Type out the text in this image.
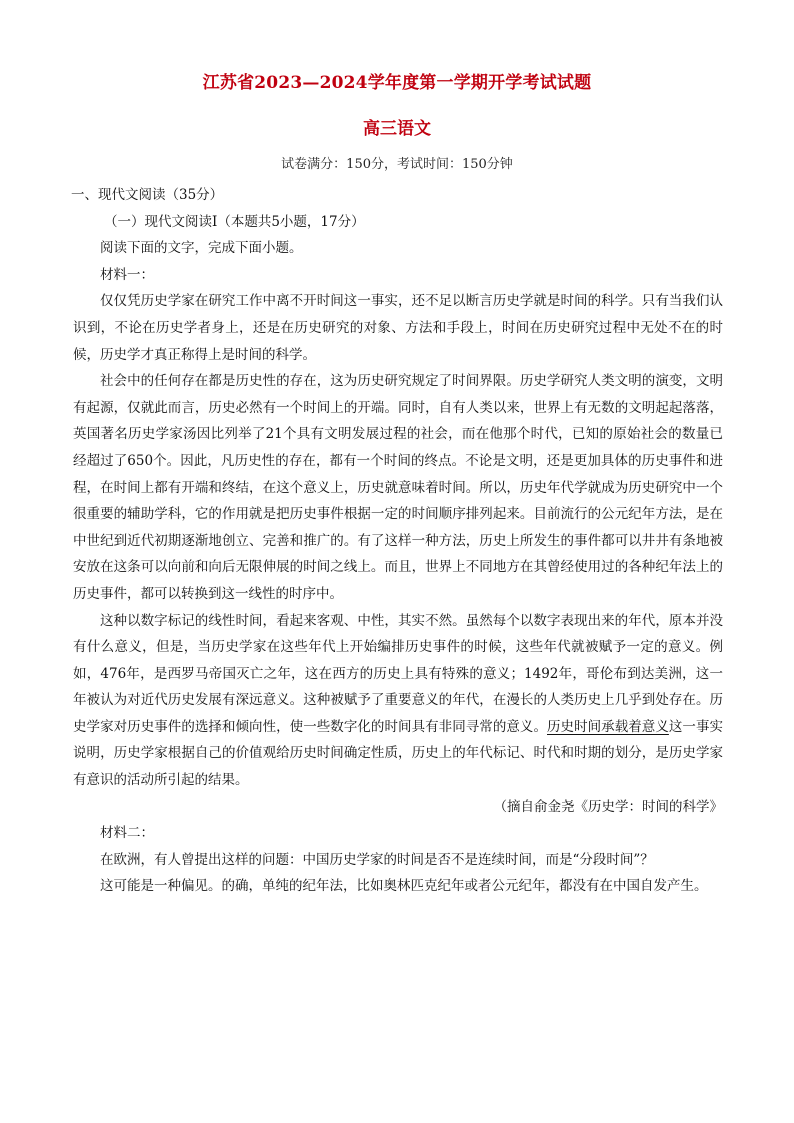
江苏省2023—2024学年度第一学期开学考试试题
高三语文
试卷满分：150分，考试时间：150分钟

一、现代文阅读（35分）

（一）现代文阅读Ⅰ（本题共5小题，17分）

阅读下面的文字，完成下面小题。

材料一：

仅仅凭历史学家在研究工作中离不开时间这一事实，还不足以断言历史学就是时间的科学。只有当我们认识到，不论在历史学者身上，还是在历史研究的对象、方法和手段上，时间在历史研究过程中无处不在的时候，历史学才真正称得上是时间的科学。

社会中的任何存在都是历史性的存在，这为历史研究规定了时间界限。历史学研究人类文明的演变，文明有起源，仅就此而言，历史必然有一个时间上的开端。同时，自有人类以来，世界上有无数的文明起起落落，英国著名历史学家汤因比列举了21个具有文明发展过程的社会，而在他那个时代，已知的原始社会的数量已经超过了650个。因此，凡历史性的存在，都有一个时间的终点。不论是文明，还是更加具体的历史事件和进程，在时间上都有开端和终结，在这个意义上，历史就意味着时间。所以，历史年代学就成为历史研究中一个很重要的辅助学科，它的作用就是把历史事件根据一定的时间顺序排列起来。目前流行的公元纪年方法，是在中世纪到近代初期逐渐地创立、完善和推广的。有了这样一种方法，历史上所发生的事件都可以井井有条地被安放在这条可以向前和向后无限伸展的时间之线上。而且，世界上不同地方在其曾经使用过的各种纪年法上的历史事件，都可以转换到这一线性的时序中。

这种以数字标记的线性时间，看起来客观、中性，其实不然。虽然每个以数字表现出来的年代，原本并没有什么意义，但是，当历史学家在这些年代上开始编排历史事件的时候，这些年代就被赋予一定的意义。例如，476年，是西罗马帝国灭亡之年，这在西方的历史上具有特殊的意义；1492年，哥伦布到达美洲，这一年被认为对近代历史发展有深远意义。这种被赋予了重要意义的年代，在漫长的人类历史上几乎到处存在。历史学家对历史事件的选择和倾向性，使一些数字化的时间具有非同寻常的意义。历史时间承载着意义这一事实说明，历史学家根据自己的价值观给历史时间确定性质，历史上的年代标记、时代和时期的划分，是历史学家有意识的活动所引起的结果。

（摘自俞金尧《历史学：时间的科学》

材料二：

在欧洲，有人曾提出这样的问题：中国历史学家的时间是否不是连续时间，而是“分段时间”？

这可能是一种偏见。的确，单纯的纪年法，比如奥林匹克纪年或者公元纪年，都没有在中国自发产生。
